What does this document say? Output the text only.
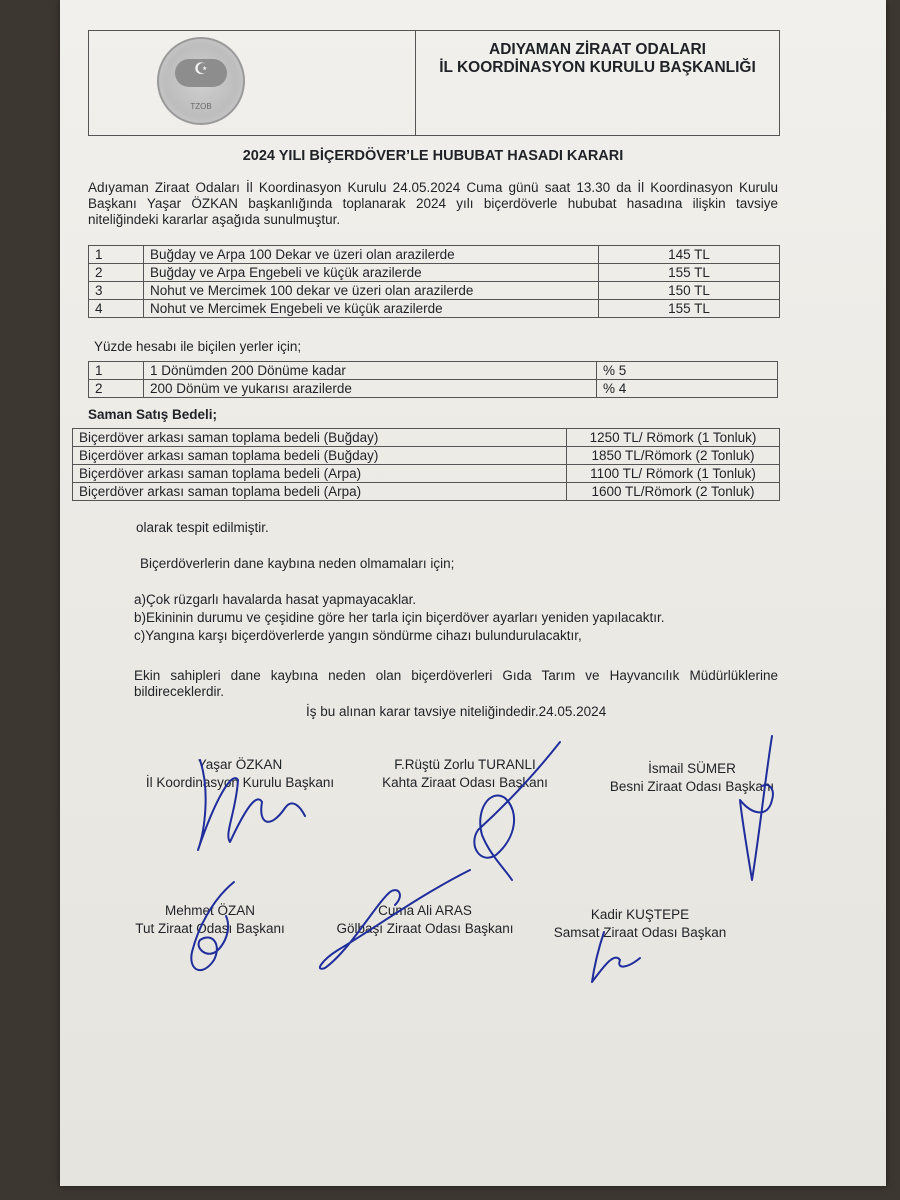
☪
TZOB
ADIYAMAN ZİRAAT ODALARI
İL KOORDİNASYON KURULU BAŞKANLIĞI
2024 YILI BİÇERDÖVER’LE HUBUBAT HASADI KARARI
Adıyaman Ziraat Odaları İl Koordinasyon Kurulu 24.05.2024 Cuma günü saat 13.30 da İl Koordinasyon Kurulu Başkanı Yaşar ÖZKAN başkanlığında toplanarak 2024 yılı biçerdöverle hububat hasadına ilişkin tavsiye niteliğindeki kararlar aşağıda sunulmuştur.
1	Buğday ve Arpa 100 Dekar ve üzeri olan arazilerde	145 TL
2	Buğday ve Arpa Engebeli ve küçük arazilerde	155 TL
3	Nohut ve Mercimek 100 dekar ve üzeri olan arazilerde	150 TL
4	Nohut ve Mercimek Engebeli ve küçük arazilerde	155 TL
Yüzde hesabı ile biçilen yerler için;
1	1 Dönümden 200 Dönüme kadar	% 5
2	200 Dönüm ve yukarısı arazilerde	% 4
Saman Satış Bedeli;
Biçerdöver arkası saman toplama bedeli (Buğday)	1250 TL/ Römork (1 Tonluk)
Biçerdöver arkası saman toplama bedeli (Buğday)	1850 TL/Römork (2 Tonluk)
Biçerdöver arkası saman toplama bedeli (Arpa)	1100 TL/ Römork (1 Tonluk)
Biçerdöver arkası saman toplama bedeli (Arpa)	1600 TL/Römork (2 Tonluk)
olarak tespit edilmiştir.
Biçerdöverlerin dane kaybına neden olmamaları için;
a)Çok rüzgarlı havalarda hasat yapmayacaklar.
b)Ekininin durumu ve çeşidine göre her tarla için biçerdöver ayarları yeniden yapılacaktır.
c)Yangına karşı biçerdöverlerde yangın söndürme cihazı bulundurulacaktır,
Ekin sahipleri dane kaybına neden olan biçerdöverleri Gıda Tarım ve Hayvancılık Müdürlüklerine bildireceklerdir.
İş bu alınan karar tavsiye niteliğindedir.24.05.2024
Yaşar ÖZKAN
İl Koordinasyon Kurulu Başkanı
F.Rüştü Zorlu TURANLI
Kahta Ziraat Odası Başkanı
İsmail SÜMER
Besni Ziraat Odası Başkanı
Mehmet ÖZAN
Tut Ziraat Odası Başkanı
Cuma Ali ARAS
Gölbaşı Ziraat Odası Başkanı
Kadir KUŞTEPE
Samsat Ziraat Odası Başkan
